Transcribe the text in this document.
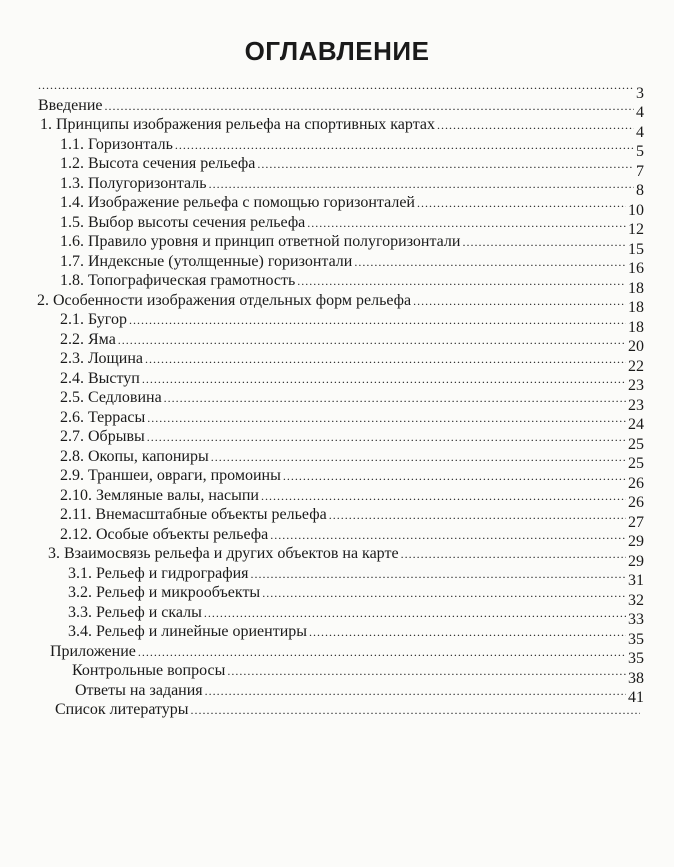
ОГЛАВЛЕНИЕ
.....
Введение
.....
3
1. Принципы изображения рельефа на спортивных картах
.....
4
1.1. Горизонталь
.....
4
1.2. Высота сечения рельефа
.....
5
1.3. Полугоризонталь
.....
7
1.4. Изображение рельефа с помощью горизонталей
.....
8
1.5. Выбор высоты сечения рельефа
.....
10
1.6. Правило уровня и принцип ответной полугоризонтали
.....
12
1.7. Индексные (утолщенные) горизонтали
.....
15
1.8. Топографическая грамотность
.....
16
2. Особенности изображения отдельных форм рельефа
.....
18
2.1. Бугор
.....
18
2.2. Яма
.....
18
2.3. Лощина
.....
20
2.4. Выступ
.....
22
2.5. Седловина
.....
23
2.6. Террасы
.....
23
2.7. Обрывы
.....
24
2.8. Окопы, капониры
.....
25
2.9. Траншеи, овраги, промоины
.....
25
2.10. Земляные валы, насыпи
.....
26
2.11. Внемасштабные объекты рельефа
.....
26
2.12. Особые объекты рельефа
.....
27
3. Взаимосвязь рельефа и других объектов на карте
.....
29
3.1. Рельеф и гидрография
.....
29
3.2. Рельеф и микрообъекты
.....
31
3.3. Рельеф и скалы
.....
32
3.4. Рельеф и линейные ориентиры
.....
33
Приложение
.....
35
Контрольные вопросы
.....
35
Ответы на задания
.....
38
Список литературы
.....
41
